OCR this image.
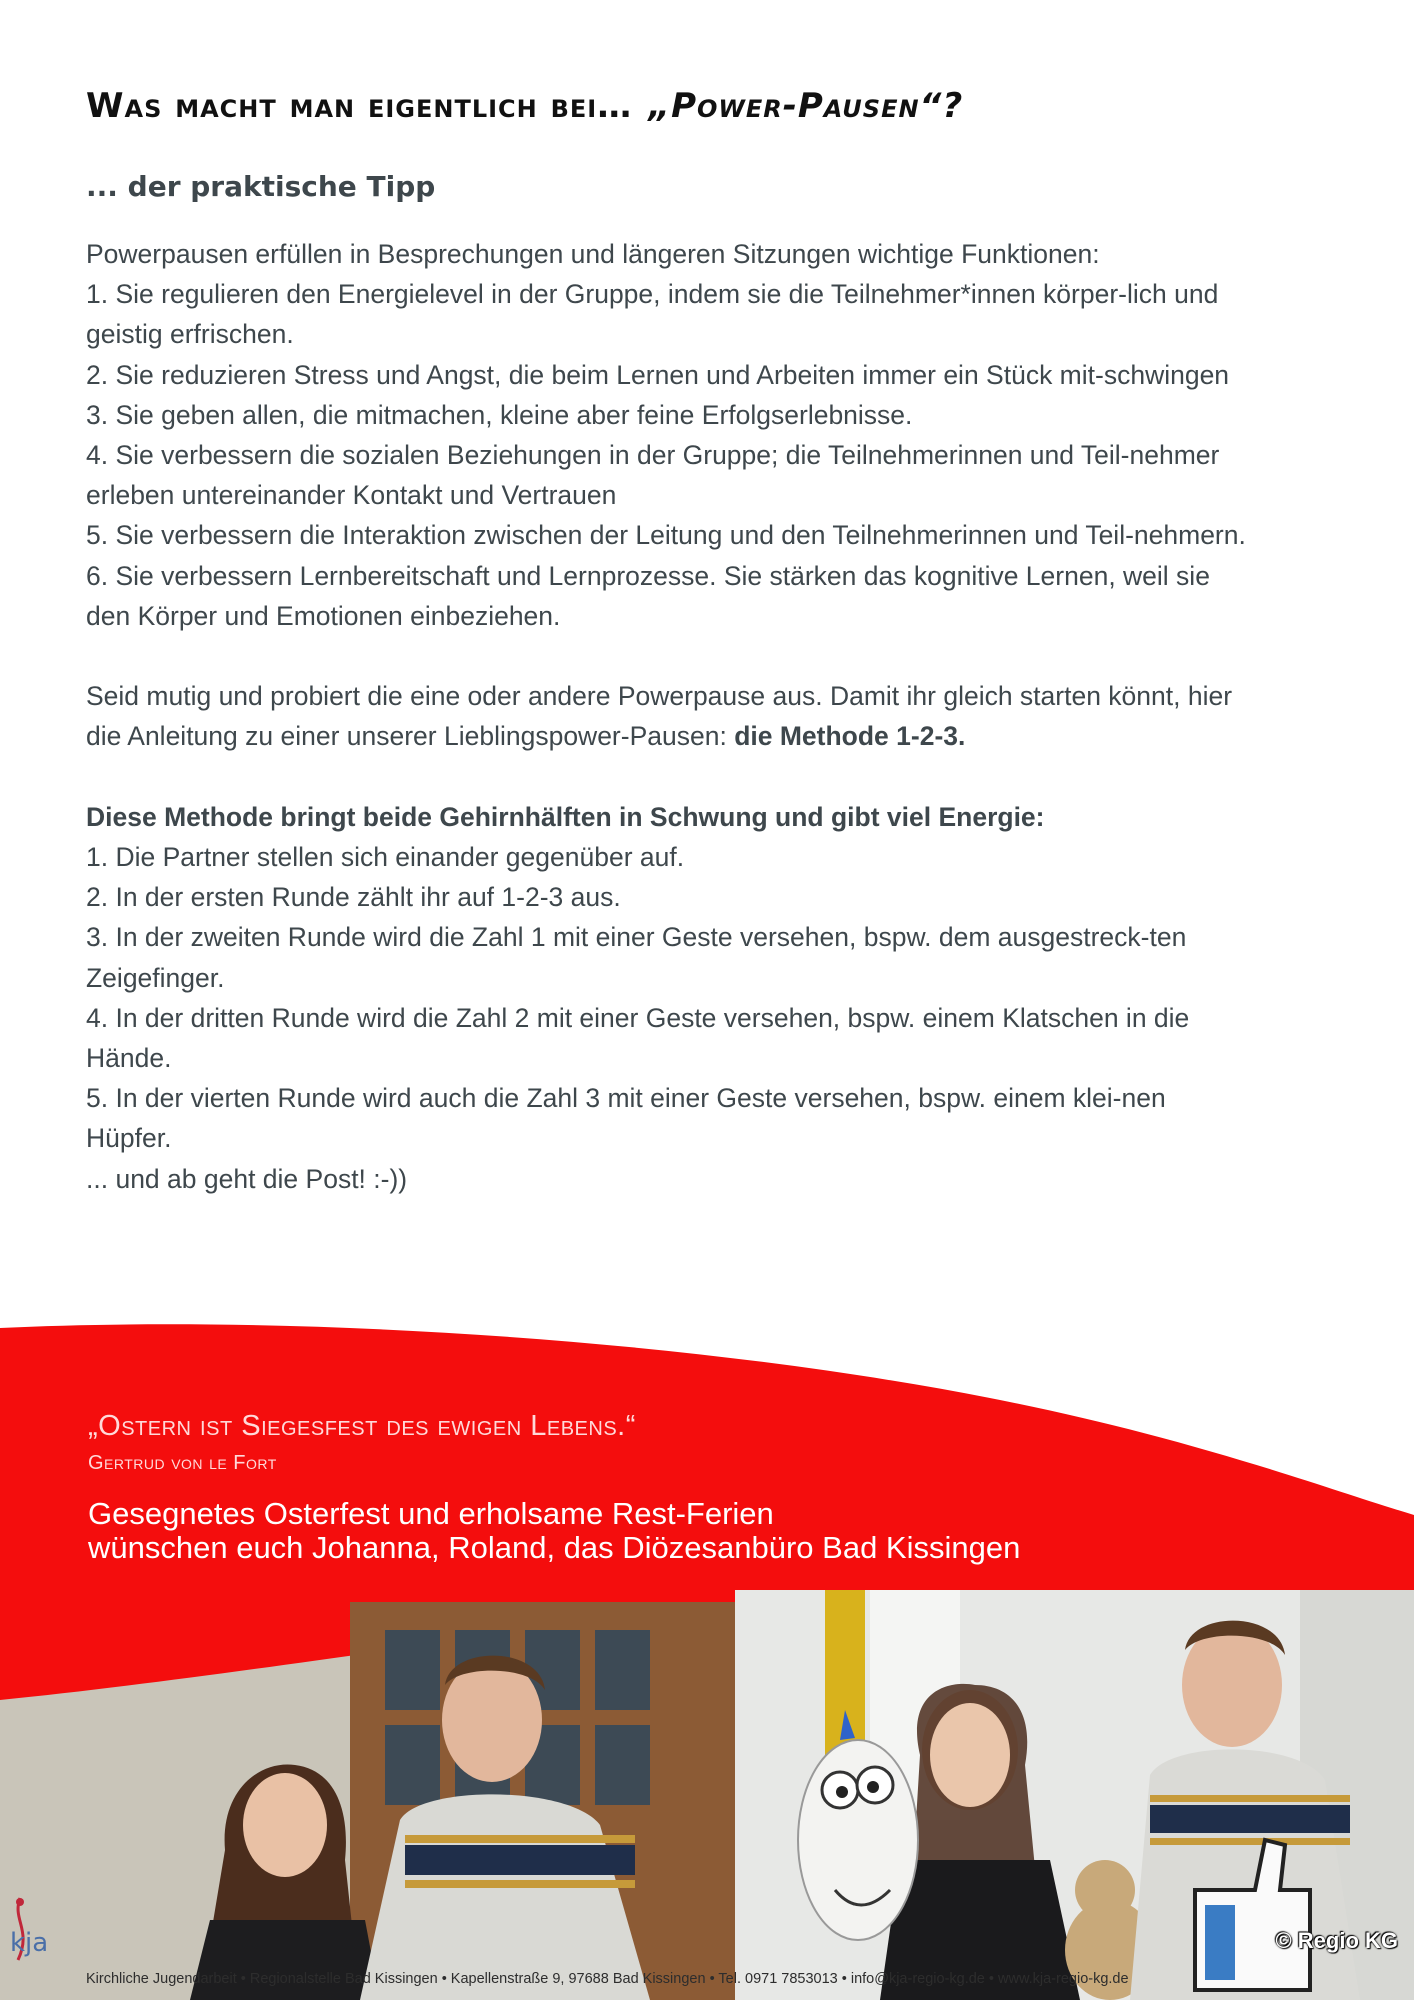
Was macht man eigentlich bei… „Power-Pausen“?
... der praktische Tipp

Powerpausen erfüllen in Besprechungen und längeren Sitzungen wichtige Funktionen:

1. Sie regulieren den Energielevel in der Gruppe, indem sie die Teilnehmer*innen körper-lich und geistig erfrischen.

2. Sie reduzieren Stress und Angst, die beim Lernen und Arbeiten immer ein Stück mit-schwingen

3. Sie geben allen, die mitmachen, kleine aber feine Erfolgserlebnisse.

4. Sie verbessern die sozialen Beziehungen in der Gruppe; die Teilnehmerinnen und Teil-nehmer erleben untereinander Kontakt und Vertrauen

5. Sie verbessern die Interaktion zwischen der Leitung und den Teilnehmerinnen und Teil-nehmern.

6. Sie verbessern Lernbereitschaft und Lernprozesse. Sie stärken das kognitive Lernen, weil sie den Körper und Emotionen einbeziehen.

Seid mutig und probiert die eine oder andere Powerpause aus. Damit ihr gleich starten könnt, hier die Anleitung zu einer unserer Lieblingspower-Pausen: die Methode 1-2-3.

Diese Methode bringt beide Gehirnhälften in Schwung und gibt viel Energie:

1. Die Partner stellen sich einander gegenüber auf.

2. In der ersten Runde zählt ihr auf 1-2-3 aus.

3. In der zweiten Runde wird die Zahl 1 mit einer Geste versehen, bspw. dem ausgestreck-ten Zeigefinger.

4. In der dritten Runde wird die Zahl 2 mit einer Geste versehen, bspw. einem Klatschen in die Hände.

5. In der vierten Runde wird auch die Zahl 3 mit einer Geste versehen, bspw. einem klei-nen Hüpfer.

... und ab geht die Post! :-))

kja
„Ostern ist Siegesfest des ewigen Lebens.“
Gertrud von le Fort
Gesegnetes Osterfest und erholsame Rest-Ferien
wünschen euch Johanna, Roland, das Diözesanbüro Bad Kissingen
© Regio KG
Kirchliche Jugendarbeit • Regionalstelle Bad Kissingen • Kapellenstraße 9, 97688 Bad Kissingen • Tel. 0971 7853013 • info@kja-regio-kg.de • www.kja-regio-kg.de
